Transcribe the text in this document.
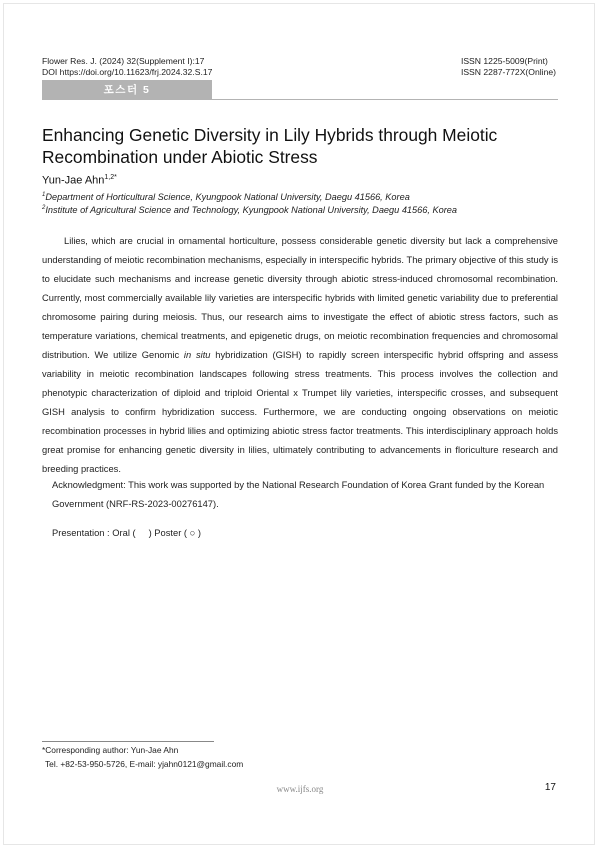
Flower Res. J. (2024) 32(Supplement I):17
DOI https://doi.org/10.11623/frj.2024.32.S.17
ISSN 1225-5009(Print)
ISSN 2287-772X(Online)
포스터 5
Enhancing Genetic Diversity in Lily Hybrids through Meiotic Recombination under Abiotic Stress
Yun-Jae Ahn$^{1,2*}$
$^1$Department of Horticultural Science, Kyungpook National University, Daegu 41566, Korea
$^2$Institute of Agricultural Science and Technology, Kyungpook National University, Daegu 41566, Korea

Lilies, which are crucial in ornamental horticulture, possess considerable genetic diversity but lack a comprehensive understanding of meiotic recombination mechanisms, especially in interspecific hybrids. The primary objective of this study is to elucidate such mechanisms and increase genetic diversity through abiotic stress-induced chromosomal recombination. Currently, most commercially available lily varieties are interspecific hybrids with limited genetic variability due to preferential chromosome pairing during meiosis. Thus, our research aims to investigate the effect of abiotic stress factors, such as temperature variations, chemical treatments, and epigenetic drugs, on meiotic recombination frequencies and chromosomal distribution. We utilize Genomic in situ hybridization (GISH) to rapidly screen interspecific hybrid offspring and assess variability in meiotic recombination landscapes following stress treatments. This process involves the collection and phenotypic characterization of diploid and triploid Oriental x Trumpet lily varieties, interspecific crosses, and subsequent GISH analysis to confirm hybridization success. Furthermore, we are conducting ongoing observations on meiotic recombination processes in hybrid lilies and optimizing abiotic stress factor treatments. This interdisciplinary approach holds great promise for enhancing genetic diversity in lilies, ultimately contributing to advancements in floriculture research and breeding practices.

Acknowledgment: This work was supported by the National Research Foundation of Korea Grant funded by the Korean Government (NRF-RS-2023-00276147).

Presentation : Oral (     ) Poster ( ○ )
*Corresponding author: Yun-Jae Ahn
Tel. +82-53-950-5726, E-mail: yjahn0121@gmail.com
www.ijfs.org	17
